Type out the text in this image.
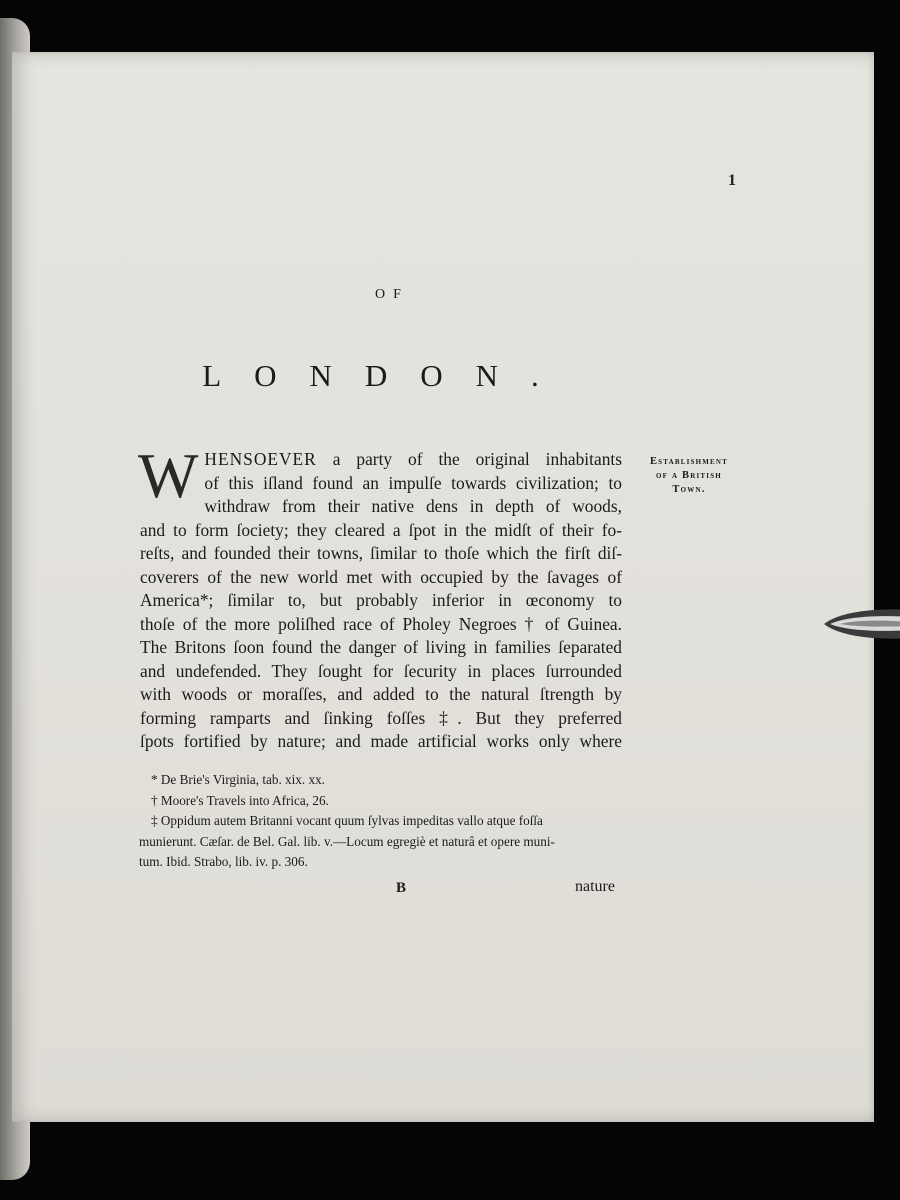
1
OF
LONDON.
Establishment
of a British
Town.
W HENSOEVER a party of the original inhabitants
of this iſland found an impulſe towards civilization; to
withdraw from their native dens in depth of woods,
and to form ſociety; they cleared a ſpot in the midſt of their fo-
reſts, and founded their towns, ſimilar to thoſe which the firſt diſ-
coverers of the new world met with occupied by the ſavages of
America*; ſimilar to, but probably inferior in œconomy to
thoſe of the more poliſhed race of Pholey Negroes † of Guinea.
The Britons ſoon found the danger of living in families ſeparated
and undefended. They ſought for ſecurity in places ſurrounded
with woods or moraſſes, and added to the natural ſtrength by
forming ramparts and ſinking foſſes ‡. But they preferred
ſpots fortified by nature; and made artificial works only where
* De Brie's Virginia, tab. xix. xx.
† Moore's Travels into Africa, 26.
‡ Oppidum autem Britanni vocant quum ſylvas impeditas vallo atque foſſa
munierunt. Cæſar. de Bel. Gal. lib. v.—Locum egregiè et naturâ et opere muni-
tum. Ibid. Strabo, lib. iv. p. 306.
B	nature
